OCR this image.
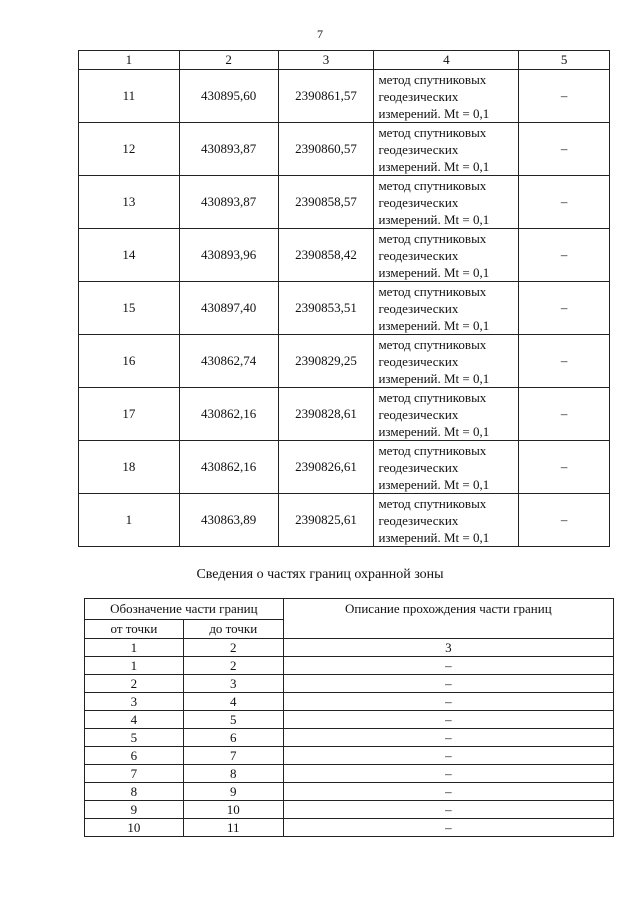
7
1	2	3	4	5
11	430895,60	2390861,57	метод спутниковых
геодезических
измерений. Mt = 0,1	–
12	430893,87	2390860,57	метод спутниковых
геодезических
измерений. Mt = 0,1	–
13	430893,87	2390858,57	метод спутниковых
геодезических
измерений. Mt = 0,1	–
14	430893,96	2390858,42	метод спутниковых
геодезических
измерений. Mt = 0,1	–
15	430897,40	2390853,51	метод спутниковых
геодезических
измерений. Mt = 0,1	–
16	430862,74	2390829,25	метод спутниковых
геодезических
измерений. Mt = 0,1	–
17	430862,16	2390828,61	метод спутниковых
геодезических
измерений. Mt = 0,1	–
18	430862,16	2390826,61	метод спутниковых
геодезических
измерений. Mt = 0,1	–
1	430863,89	2390825,61	метод спутниковых
геодезических
измерений. Mt = 0,1	–
Сведения о частях границ охранной зоны
Обозначение части границ		Описание прохождения части границ
от точки	до точки	
1	2	3
1	2	–
2	3	–
3	4	–
4	5	–
5	6	–
6	7	–
7	8	–
8	9	–
9	10	–
10	11	–
